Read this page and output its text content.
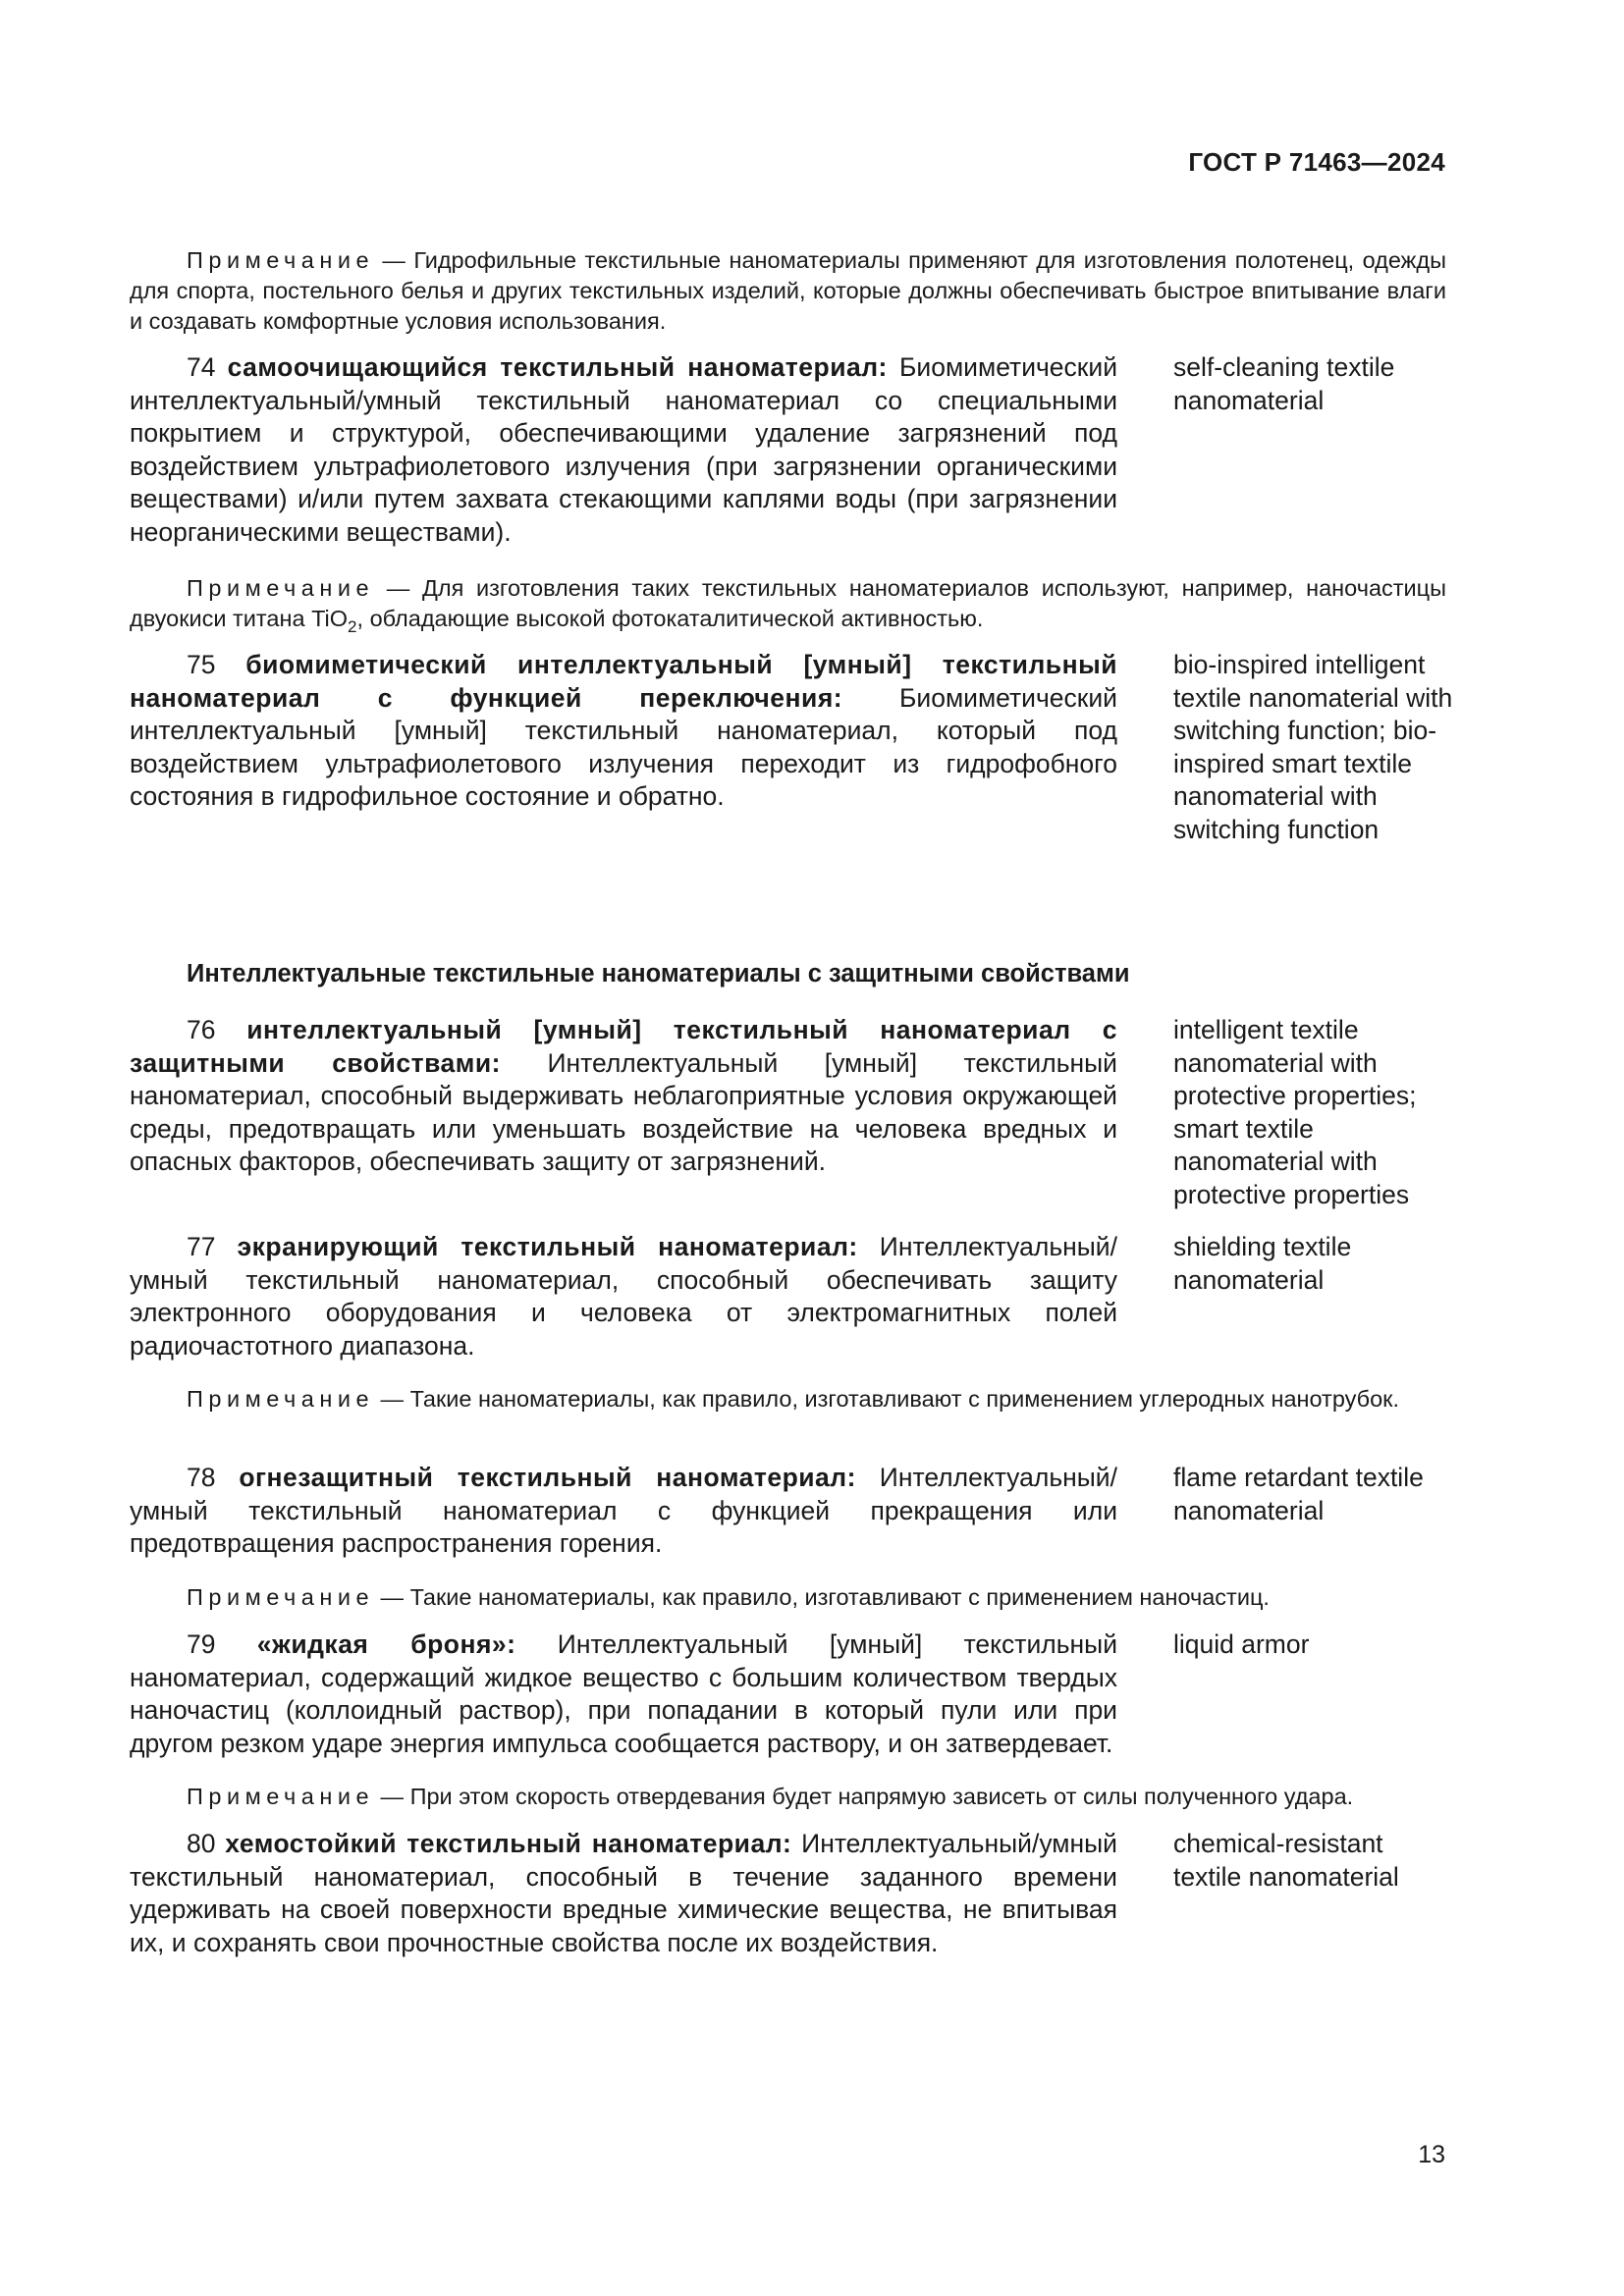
ГОСТ Р 71463—2024
Примечание — Гидрофильные текстильные наноматериалы применяют для изготовления полотенец, одежды для спорта, постельного белья и других текстильных изделий, которые должны обеспечивать быстрое впитывание влаги и создавать комфортные условия использования.
74 самоочищающийся текстильный наноматериал: Биомиметический интеллектуальный/умный текстильный наноматериал со специальными покрытием и структурой, обеспечивающими удаление загрязнений под воздействием ультрафиолетового излучения (при загрязнении органическими веществами) и/или путем захвата стекающими каплями воды (при загрязнении неорганическими веществами).
self-cleaning textile nanomaterial
Примечание — Для изготовления таких текстильных наноматериалов используют, например, наночастицы двуокиси титана TiO$_2$, обладающие высокой фотокаталитической активностью.
75 биомиметический интеллектуальный [умный] текстильный наноматериал с функцией переключения: Биомиметический интеллектуальный [умный] текстильный наноматериал, который под воздействием ультрафиолетового излучения переходит из гидрофобного состояния в гидрофильное состояние и обратно.
bio-inspired intelligent textile nanomaterial with switching function; bio-inspired smart textile nanomaterial with switching function
Интеллектуальные текстильные наноматериалы с защитными свойствами
76 интеллектуальный [умный] текстильный наноматериал с защитными свойствами: Интеллектуальный [умный] текстильный наноматериал, способный выдерживать неблагоприятные условия окружающей среды, предотвращать или уменьшать воздействие на человека вредных и опасных факторов, обеспечивать защиту от загрязнений.
intelligent textile nanomaterial with protective properties; smart textile nanomaterial with protective properties
77 экранирующий текстильный наноматериал: Интеллектуальный/умный текстильный наноматериал, способный обеспечивать защиту электронного оборудования и человека от электромагнитных полей радиочастотного диапазона.
shielding textile nanomaterial
Примечание — Такие наноматериалы, как правило, изготавливают с применением углеродных нанотрубок.
78 огнезащитный текстильный наноматериал: Интеллектуальный/умный текстильный наноматериал с функцией прекращения или предотвращения распространения горения.
flame retardant textile nanomaterial
Примечание — Такие наноматериалы, как правило, изготавливают с применением наночастиц.
79 «жидкая броня»: Интеллектуальный [умный] текстильный наноматериал, содержащий жидкое вещество с большим количеством твердых наночастиц (коллоидный раствор), при попадании в который пули или при другом резком ударе энергия импульса сообщается раствору, и он затвердевает.
liquid armor
Примечание — При этом скорость отвердевания будет напрямую зависеть от силы полученного удара.
80 хемостойкий текстильный наноматериал: Интеллектуальный/умный текстильный наноматериал, способный в течение заданного времени удерживать на своей поверхности вредные химические вещества, не впитывая их, и сохранять свои прочностные свойства после их воздействия.
chemical-resistant textile nanomaterial
13
